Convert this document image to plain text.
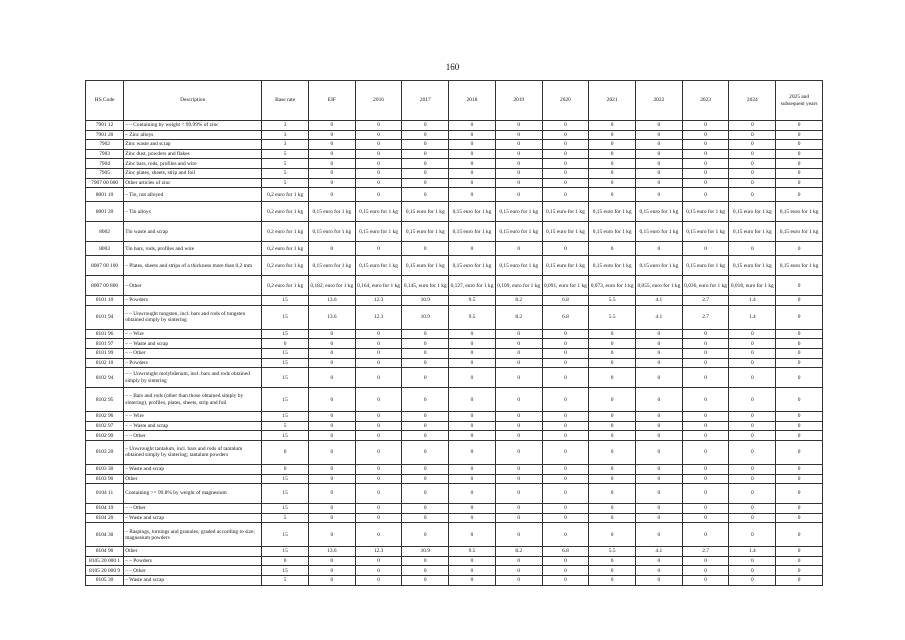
160
HS Code	Description	Base rate	EIF	2016	2017	2018	2019	2020	2021	2022	2023	2024	2025 and subsequent years
7901 12	– – Containing by weight < 99.99% of zinc	3	0	0	0	0	0	0	0	0	0	0	0
7901 20	– Zinc alloys	3	0	0	0	0	0	0	0	0	0	0	0
7902	Zinc waste and scrap	3	0	0	0	0	0	0	0	0	0	0	0
7903	Zinc dust, powders and flakes	5	0	0	0	0	0	0	0	0	0	0	0
7904	Zinc bars, rods, profiles and wire	5	0	0	0	0	0	0	0	0	0	0	0
7905	Zinc plates, sheets, strip and foil	5	0	0	0	0	0	0	0	0	0	0	0
7907 00 000	Other articles of zinc	5	0	0	0	0	0	0	0	0	0	0	0
8001 10	– Tin, not alloyed	0,2 euro for 1 kg	0	0	0	0	0	0	0	0	0	0	0
8001 20	– Tin alloys	0,2 euro for 1 kg	0,15 euro for 1 kg	0,15 euro for 1 kg	0,15 euro for 1 kg	0,15 euro for 1 kg	0,15 euro for 1 kg	0,15 euro for 1 kg	0,15 euro for 1 kg	0,15 euro for 1 kg	0,15 euro for 1 kg	0,15 euro for 1 kg	0,15 euro for 1 kg
8002	Tin waste and scrap	0,2 euro for 1 kg	0,15 euro for 1 kg	0,15 euro for 1 kg	0,15 euro for 1 kg	0,15 euro for 1 kg	0,15 euro for 1 kg	0,15 euro for 1 kg	0,15 euro for 1 kg	0,15 euro for 1 kg	0,15 euro for 1 kg	0,15 euro for 1 kg	0,15 euro for 1 kg
8003	Tin bars, rods, profiles and wire	0,2 euro for 1 kg	0	0	0	0	0	0	0	0	0	0	0
8007 00 100	– Plates, sheets and strips of a thickness more than 0,2 mm	0,2 euro for 1 kg	0,15 euro for 1 kg	0,15 euro for 1 kg	0,15 euro for 1 kg	0,15 euro for 1 kg	0,15 euro for 1 kg	0,15 euro for 1 kg	0,15 euro for 1 kg	0,15 euro for 1 kg	0,15 euro for 1 kg	0,15 euro for 1 kg	0,15 euro for 1 kg
8007 00 800	– Other	0,2 euro for 1 kg	0,182, euro for 1 kg	0,164, euro for 1 kg	0,145, euro for 1 kg	0,127, euro for 1 kg	0,109, euro for 1 kg	0,091, euro for 1 kg	0,073, euro for 1 kg	0,055, euro for 1 kg	0,036, euro for 1 kg	0,018, euro for 1 kg	0
8101 10	– Powders	15	13.6	12.3	10.9	9.5	8.2	6.8	5.5	4.1	2.7	1.4	0
8101 94	– – Unwrought tungsten, incl. bars and rods of tungsten obtained simply by sintering	15	13.6	12.3	10.9	9.5	8.2	6.8	5.5	4.1	2.7	1.4	0
8101 96	– – Wire	15	0	0	0	0	0	0	0	0	0	0	0
8101 97	– – Waste and scrap	0	0	0	0	0	0	0	0	0	0	0	0
8101 99	– – Other	15	0	0	0	0	0	0	0	0	0	0	0
8102 10	– Powders	15	0	0	0	0	0	0	0	0	0	0	0
8102 94	– – Unwrought molybdenum, incl. bars and rods obtained simply by sintering	15	0	0	0	0	0	0	0	0	0	0	0
8102 95	– – Bars and rods (other than those obtained simply by sintering), profiles, plates, sheets, strip and foil	15	0	0	0	0	0	0	0	0	0	0	0
8102 96	– – Wire	15	0	0	0	0	0	0	0	0	0	0	0
8102 97	– – Waste and scrap	5	0	0	0	0	0	0	0	0	0	0	0
8102 99	– – Other	15	0	0	0	0	0	0	0	0	0	0	0
8103 20	– Unwrought tantalum, incl. bars and rods of tantalum obtained simply by sintering; tantalum powders	0	0	0	0	0	0	0	0	0	0	0	0
8103 30	– Waste and scrap	0	0	0	0	0	0	0	0	0	0	0	0
8103 90	Other	15	0	0	0	0	0	0	0	0	0	0	0
8104 11	Containing >= 99.8% by weight of magnesium	15	0	0	0	0	0	0	0	0	0	0	0
8104 19	– – Other	15	0	0	0	0	0	0	0	0	0	0	0
8104 20	– Waste and scrap	5	0	0	0	0	0	0	0	0	0	0	0
8104 30	– Raspings, turnings and granules, graded according to size; magnesium powders	15	0	0	0	0	0	0	0	0	0	0	0
8104 90	Other	15	13.6	12.3	10.9	9.5	8.2	6.8	5.5	4.1	2.7	1.4	0
8105 20 000 1	– – Powders	0	0	0	0	0	0	0	0	0	0	0	0
8105 20 000 9	– – Other	15	0	0	0	0	0	0	0	0	0	0	0
8105 30	– Waste and scrap	5	0	0	0	0	0	0	0	0	0	0	0
